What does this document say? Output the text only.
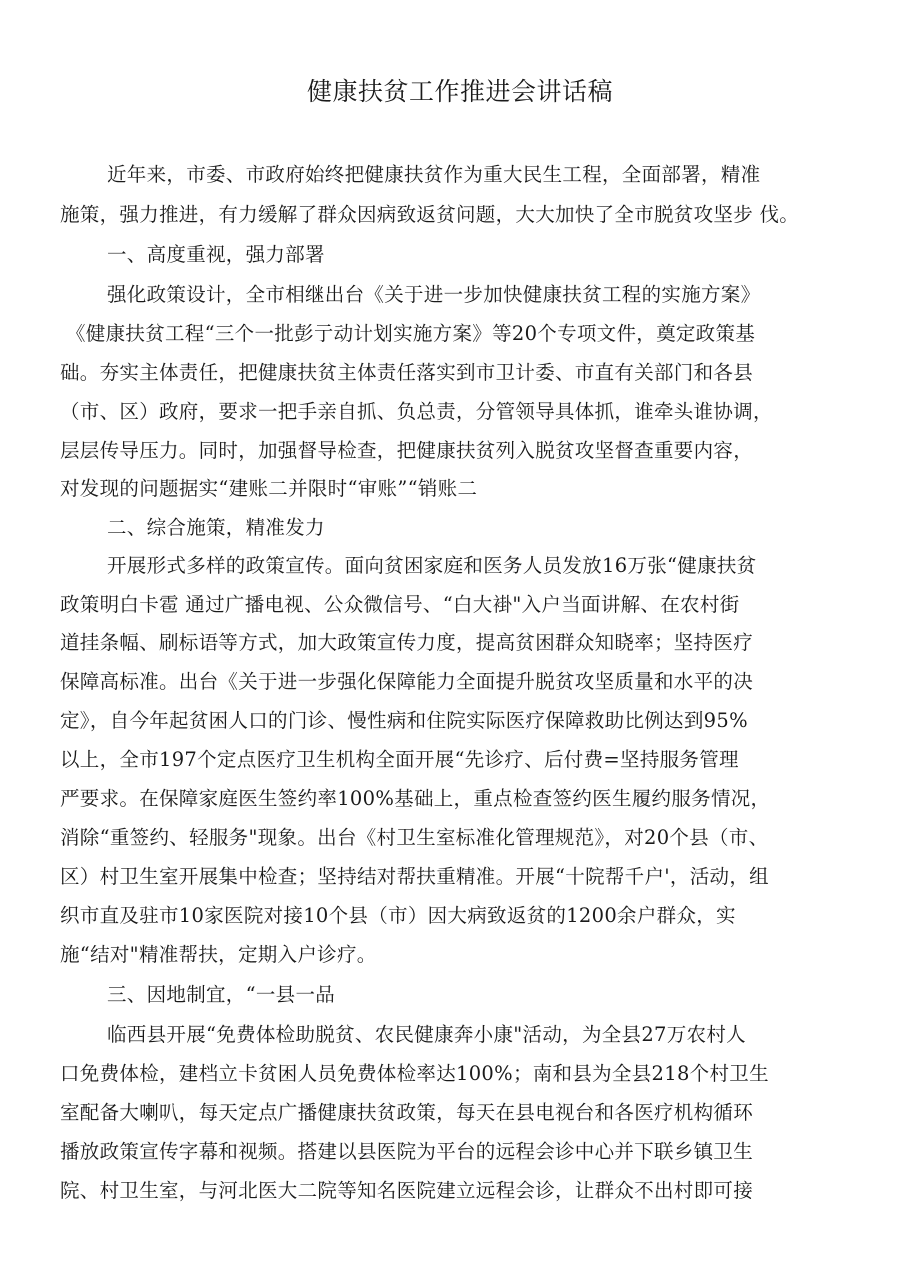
健康扶贫工作推进会讲话稿
近年来，市委、市政府始终把健康扶贫作为重大民生工程，全面部署，精准
施策，强力推进，有力缓解了群众因病致返贫问题，大大加快了全市脱贫攻坚步 伐。
一、高度重视，强力部署
强化政策设计，全市相继出台《关于进一步加快健康扶贫工程的实施方案》
《健康扶贫工程“三个一批彭亍动计划实施方案》等20个专项文件，奠定政策基
础。夯实主体责任，把健康扶贫主体责任落实到市卫计委、市直有关部门和各县
（市、区）政府，要求一把手亲自抓、负总责，分管领导具体抓，谁牵头谁协调，
层层传导压力。同时，加强督导检查，把健康扶贫列入脱贫攻坚督查重要内容，
对发现的问题据实“建账二并限时“审账”“销账二
二、综合施策，精准发力
开展形式多样的政策宣传。面向贫困家庭和医务人员发放16万张“健康扶贫
政策明白卡雹 通过广播电视、公众微信号、“白大褂"入户当面讲解、在农村街
道挂条幅、刷标语等方式，加大政策宣传力度，提高贫困群众知晓率；坚持医疗
保障高标准。出台《关于进一步强化保障能力全面提升脱贫攻坚质量和水平的决
定》，自今年起贫困人口的门诊、慢性病和住院实际医疗保障救助比例达到95%
以上，全市197个定点医疗卫生机构全面开展“先诊疗、后付费=坚持服务管理
严要求。在保障家庭医生签约率100%基础上，重点检查签约医生履约服务情况，
消除“重签约、轻服务"现象。出台《村卫生室标准化管理规范》，对20个县（市、
区）村卫生室开展集中检查；坚持结对帮扶重精准。开展“十院帮千户'，活动，组
织市直及驻市10家医院对接10个县（市）因大病致返贫的1200余户群众，实
施“结对"精准帮扶，定期入户诊疗。
三、因地制宜，“一县一品
临西县开展“免费体检助脱贫、农民健康奔小康"活动，为全县27万农村人
口免费体检，建档立卡贫困人员免费体检率达100%；南和县为全县218个村卫生
室配备大喇叭，每天定点广播健康扶贫政策，每天在县电视台和各医疗机构循环
播放政策宣传字幕和视频。搭建以县医院为平台的远程会诊中心并下联乡镇卫生
院、村卫生室，与河北医大二院等知名医院建立远程会诊，让群众不出村即可接
